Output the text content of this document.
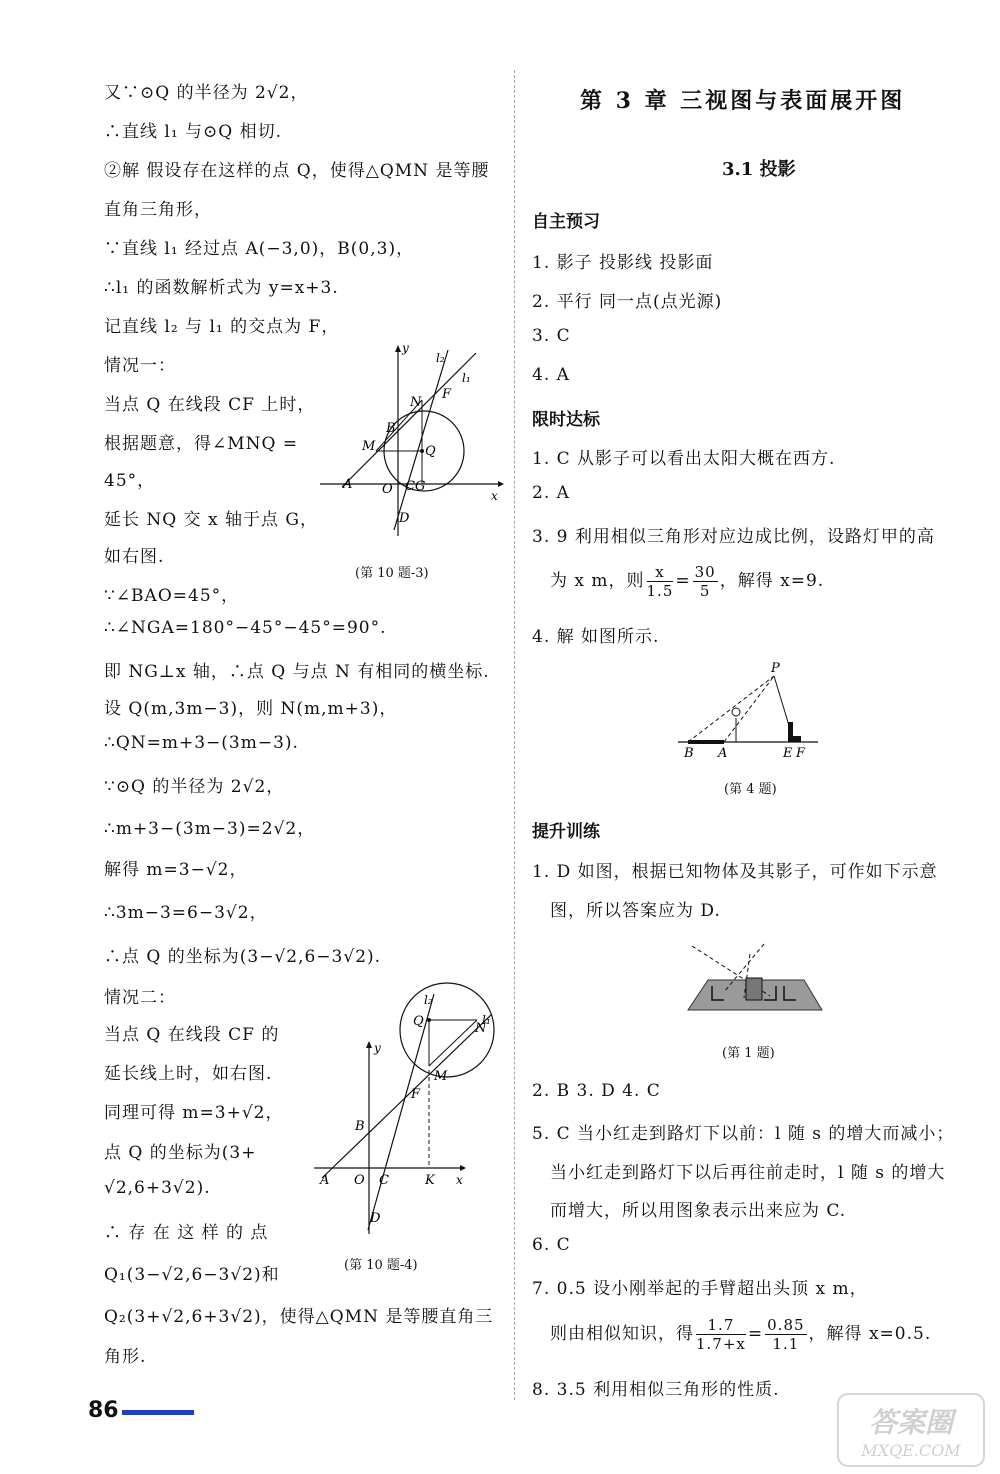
又∵⊙Q 的半径为 2√2，
∴直线 l₁ 与⊙Q 相切.
②解 假设存在这样的点 Q，使得△QMN 是等腰
直角三角形，
∵直线 l₁ 经过点 A(−3,0)，B(0,3)，
∴l₁ 的函数解析式为 y=x+3.
记直线 l₂ 与 l₁ 的交点为 F，
情况一：
当点 Q 在线段 CF 上时，
根据题意，得∠MNQ =
45°，
延长 NQ 交 x 轴于点 G，
如右图.
∵∠BAO=45°，
∴∠NGA=180°−45°−45°=90°.
即 NG⊥x 轴，∴点 Q 与点 N 有相同的横坐标.
设 Q(m,3m−3)，则 N(m,m+3)，
∴QN=m+3−(3m−3).
∵⊙Q 的半径为 2√2，
∴m+3−(3m−3)=2√2，
解得 m=3−√2，
∴3m−3=6−3√2，
∴点 Q 的坐标为(3−√2,6−3√2).
情况二：
当点 Q 在线段 CF 的
延长线上时，如右图.
同理可得 m=3+√2，
点 Q 的坐标为(3+
√2,6+3√2).
∴ 存 在 这 样 的 点
Q₁(3−√2,6−3√2)和
Q₂(3+√2,6+3√2)，使得△QMN 是等腰直角三
角形.
y
x
l₂
l₁
N
F
B
M	Q
A O CG
D
(第 10 题-3)
l₂
l₁
Q	N
y
M
F
B
A O C	K x
D
(第 10 题-4)
第 3 章 三视图与表面展开图
3.1 投影
自主预习
1. 影子 投影线 投影面
2. 平行 同一点(点光源)
3. C
4. A
限时达标
1. C 从影子可以看出太阳大概在西方.
2. A
3. 9 利用相似三角形对应边成比例，设路灯甲的高
为 x m，则 $\frac{x}{1.5} = \frac{30}{5}$ ，解得 x=9.
4. 解 如图所示.
P
B A	E F
(第 4 题)
提升训练
1. D 如图，根据已知物体及其影子，可作如下示意
图，所以答案应为 D.
(第 1 题)
2. B 3. D 4. C
5. C 当小红走到路灯下以前：l 随 s 的增大而减小；
当小红走到路灯下以后再往前走时，l 随 s 的增大
而增大，所以用图象表示出来应为 C.
6. C
7. 0.5 设小刚举起的手臂超出头顶 x m，
则由相似知识，得 $\frac{1.7}{1.7+x} = \frac{0.85}{1.1}$ ，解得 x=0.5.
8. 3.5 利用相似三角形的性质.
86	答案圈
MXQE.COM
